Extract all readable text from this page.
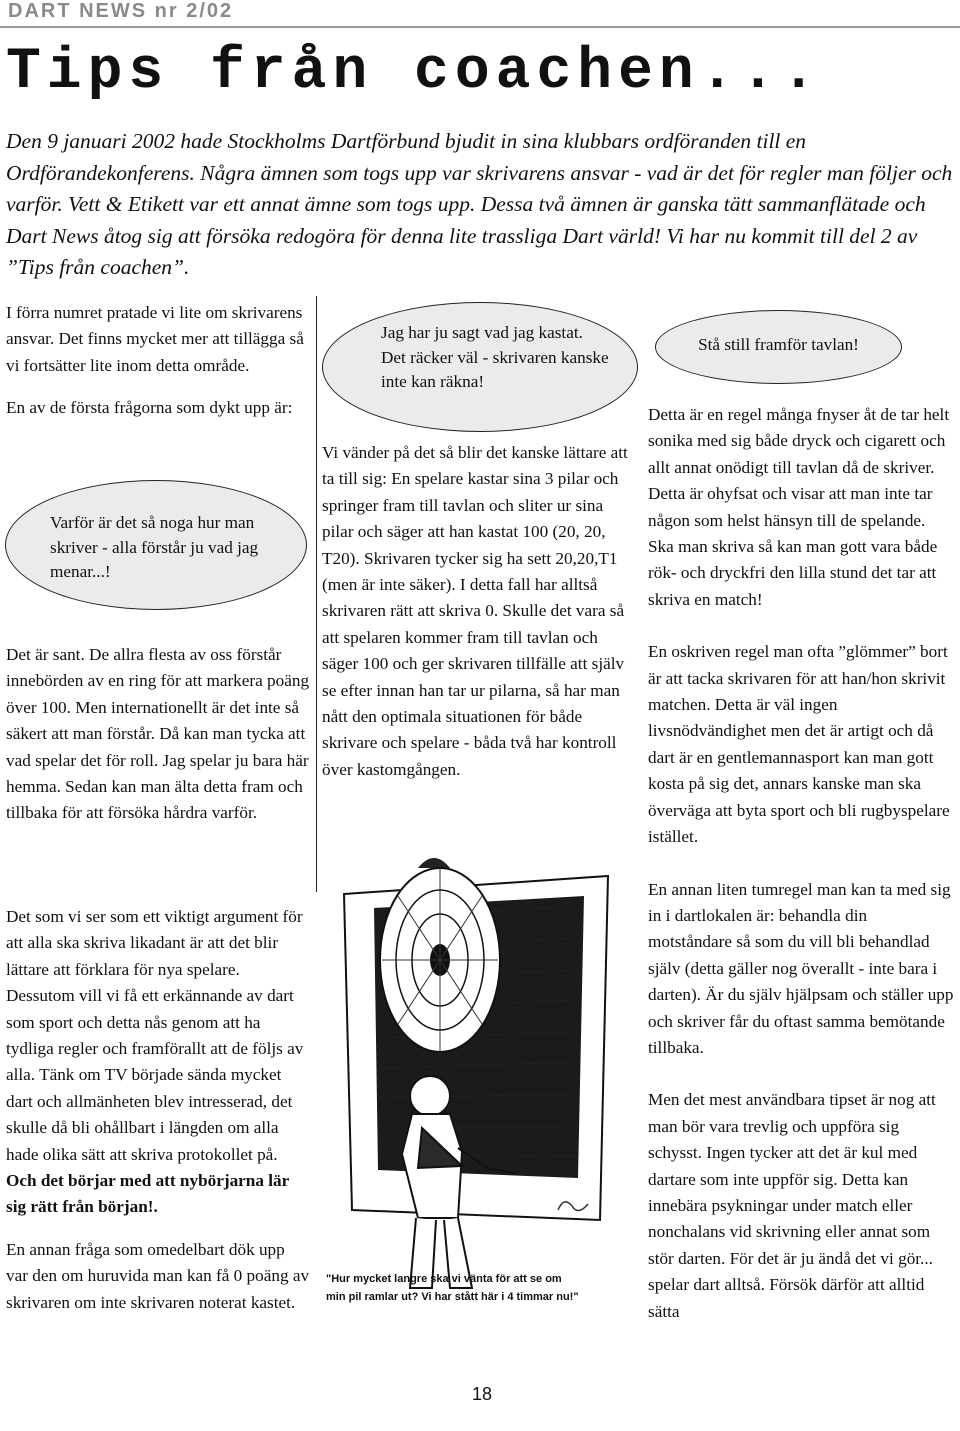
DART NEWS nr 2/02
Tips från coachen...
Den 9 januari 2002 hade Stockholms Dartförbund bjudit in sina klubbars ordföranden till en Ordförandekonferens. Några ämnen som togs upp var skrivarens ansvar - vad är det för regler man följer och varför. Vett & Etikett var ett annat ämne som togs upp. Dessa två ämnen är ganska tätt sammanflätade och Dart News åtog sig att försöka redogöra för denna lite trassliga Dart värld! Vi har nu kommit till del 2 av ”Tips från coachen”.

I förra numret pratade vi lite om skrivarens ansvar. Det finns mycket mer att tillägga så vi fortsätter lite inom detta område.

En av de första frågorna som dykt upp är:

Varför är det så noga hur man skriver - alla förstår ju vad jag menar...!

Det är sant. De allra flesta av oss förstår innebörden av en ring för att markera poäng över 100. Men internationellt är det inte så säkert att man förstår. Då kan man tycka att vad spelar det för roll. Jag spelar ju bara här hemma. Sedan kan man älta detta fram och tillbaka för att försöka hårdra varför.

Det som vi ser som ett viktigt argument för att alla ska skriva likadant är att det blir lättare att förklara för nya spelare. Dessutom vill vi få ett erkännande av dart som sport och detta nås genom att ha tydliga regler och framförallt att de följs av alla. Tänk om TV började sända mycket dart och allmänheten blev intresserad, det skulle då bli ohållbart i längden om alla hade olika sätt att skriva protokollet på. Och det börjar med att nybörjarna lär sig rätt från början!.

En annan fråga som omedelbart dök upp var den om huruvida man kan få 0 poäng av skrivaren om inte skrivaren noterat kastet.

Jag har ju sagt vad jag kastat. Det räcker väl - skrivaren kanske inte kan räkna!

Vi vänder på det så blir det kanske lättare att ta till sig: En spelare kastar sina 3 pilar och springer fram till tavlan och sliter ur sina pilar och säger att han kastat 100 (20, 20, T20). Skrivaren tycker sig ha sett 20,20,T1 (men är inte säker). I detta fall har alltså skrivaren rätt att skriva 0. Skulle det vara så att spelaren kommer fram till tavlan och säger 100 och ger skrivaren tillfälle att själv se efter innan han tar ur pilarna, så har man nått den optimala situationen för både skrivare och spelare - båda två har kontroll över kastomgången.

"Hur mycket langre ska vi vänta för att se om
min pil ramlar ut? Vi har stått här i 4 timmar nu!"

Stå still framför tavlan!

Detta är en regel många fnyser åt de tar helt sonika med sig både dryck och cigarett och allt annat onödigt till tavlan då de skriver. Detta är ohyfsat och visar att man inte tar någon som helst hänsyn till de spelande. Ska man skriva så kan man gott vara både rök- och dryckfri den lilla stund det tar att skriva en match!

En oskriven regel man ofta ”glömmer” bort är att tacka skrivaren för att han/hon skrivit matchen. Detta är väl ingen livsnödvändighet men det är artigt och då dart är en gentlemannasport kan man gott kosta på sig det, annars kanske man ska överväga att byta sport och bli rugbyspelare istället.

En annan liten tumregel man kan ta med sig in i dartlokalen är: behandla din motståndare så som du vill bli behandlad själv (detta gäller nog överallt - inte bara i darten). Är du själv hjälpsam och ställer upp och skriver får du oftast samma bemötande tillbaka.

Men det mest användbara tipset är nog att man bör vara trevlig och uppföra sig schysst. Ingen tycker att det är kul med dartare som inte uppför sig. Detta kan innebära psykningar under match eller nonchalans vid skrivning eller annat som stör darten. För det är ju ändå det vi gör... spelar dart alltså. Försök därför att alltid sätta

18
